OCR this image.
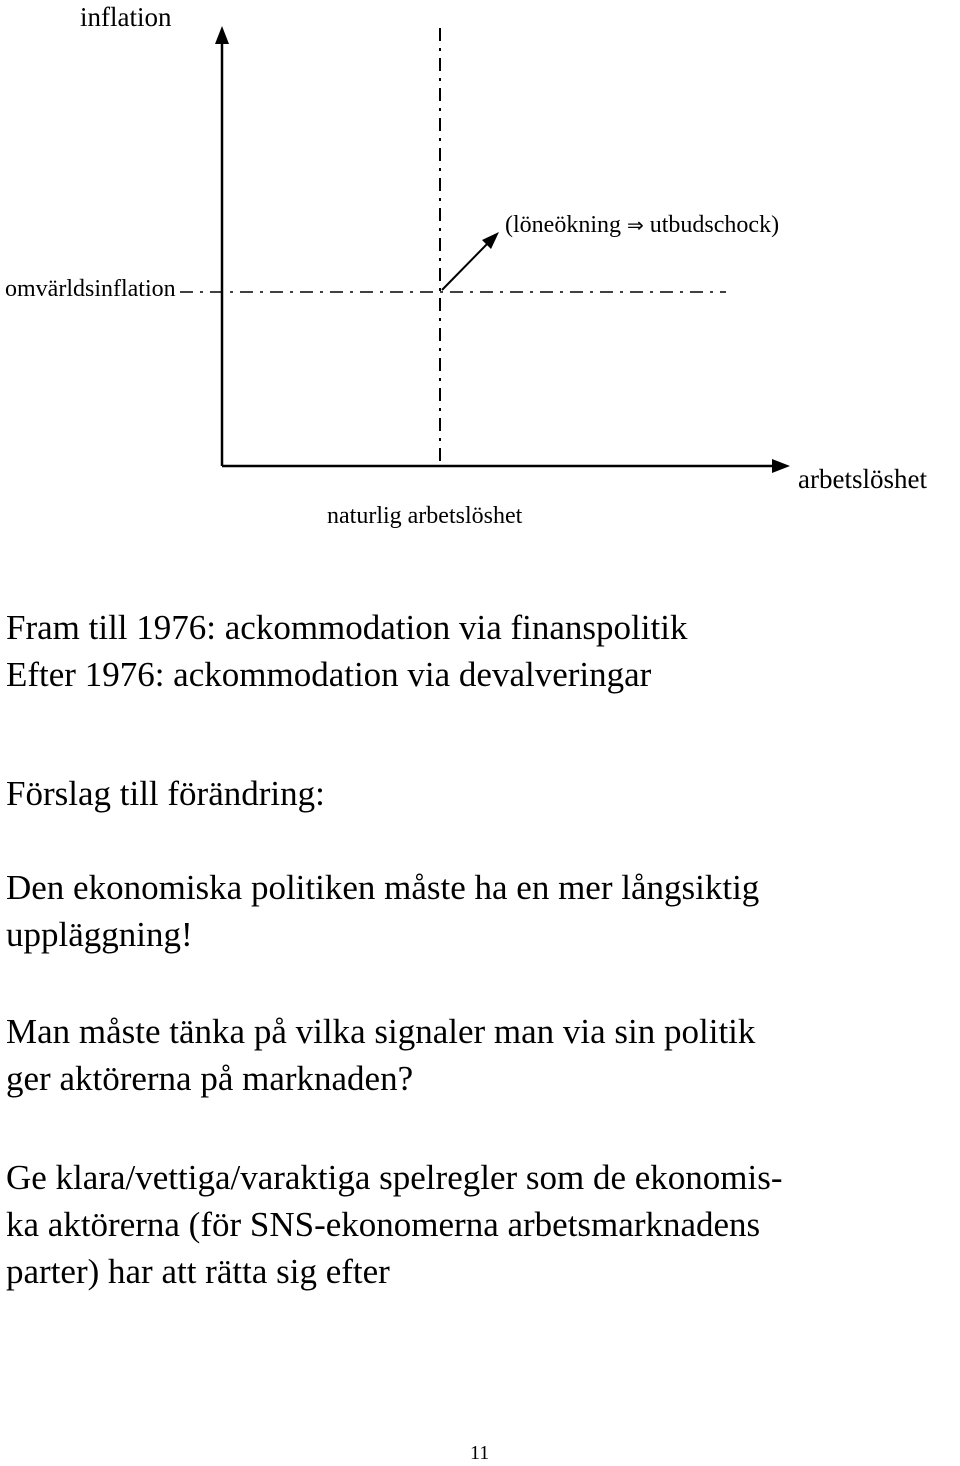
inflation
(löneökning ⇒ utbudschock)
omvärldsinflation
arbetslöshet
naturlig arbetslöshet
Fram till 1976: ackommodation via finanspolitik
Efter 1976: ackommodation via devalveringar
Förslag till förändring:
Den ekonomiska politiken måste ha en mer långsiktig
uppläggning!
Man måste tänka på vilka signaler man via sin politik
ger aktörerna på marknaden?
Ge klara/vettiga/varaktiga spelregler som de ekonomis-
ka aktörerna (för SNS-ekonomerna arbetsmarknadens
parter) har att rätta sig efter
11
